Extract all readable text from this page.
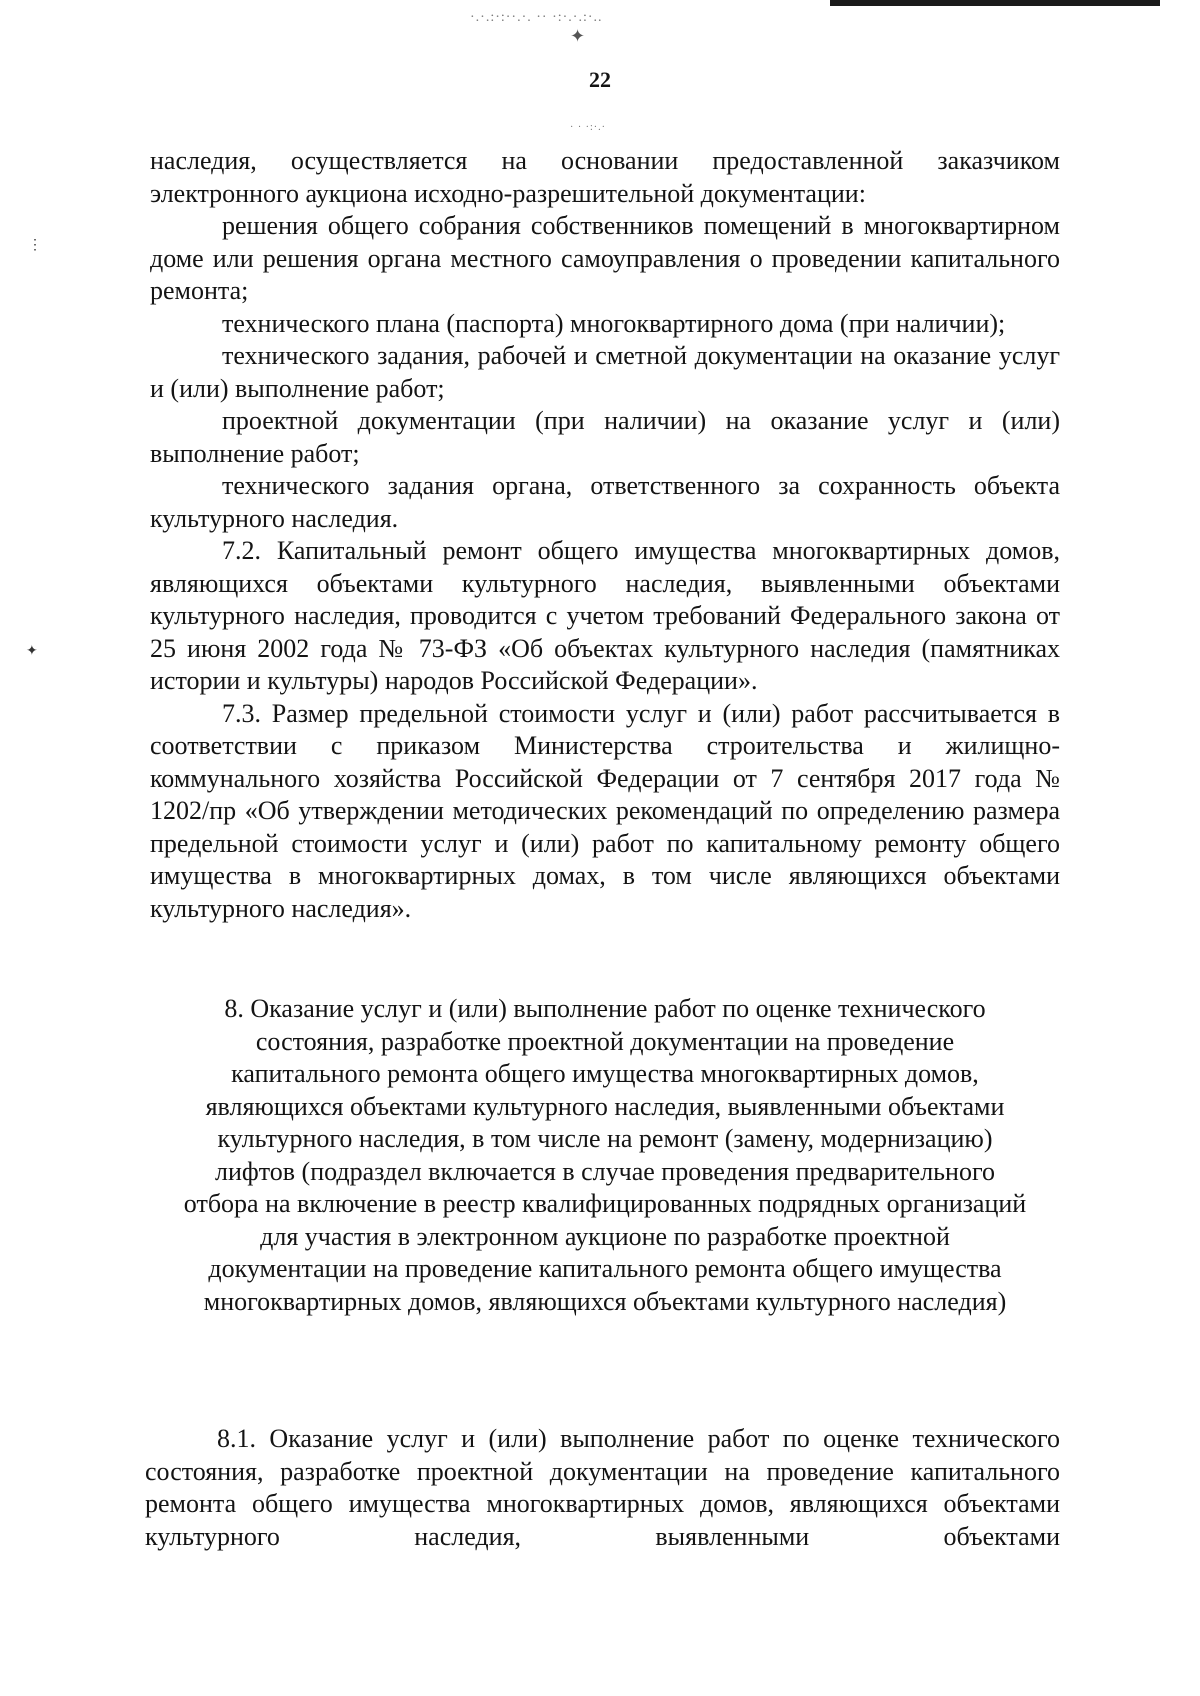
·.·.:·:··.·. ·· ·:·.·.:·..
✦
· · ·:·.·
22

наследия, осуществляется на основании предоставленной заказчиком электронного аукциона исходно-разрешительной документации:

решения общего собрания собственников помещений в многоквартирном доме или решения органа местного самоуправления о проведении капитального ремонта;

технического плана (паспорта) многоквартирного дома (при наличии);

технического задания, рабочей и сметной документации на оказание услуг и (или) выполнение работ;

проектной документации (при наличии) на оказание услуг и (или) выполнение работ;

технического задания органа, ответственного за сохранность объекта культурного наследия.

7.2. Капитальный ремонт общего имущества многоквартирных домов, являющихся объектами культурного наследия, выявленными объектами культурного наследия, проводится с учетом требований Федерального закона от 25 июня 2002 года № 73-ФЗ «Об объектах культурного наследия (памятниках истории и культуры) народов Российской Федерации».

7.3. Размер предельной стоимости услуг и (или) работ рассчитывается в соответствии с приказом Министерства строительства и жилищно-коммунального хозяйства Российской Федерации от 7 сентября 2017 года № 1202/пр «Об утверждении методических рекомендаций по определению размера предельной стоимости услуг и (или) работ по капитальному ремонту общего имущества в многоквартирных домах, в том числе являющихся объектами культурного наследия».

⋮
✦

8. Оказание услуг и (или) выполнение работ по оценке технического состояния, разработке проектной документации на проведение капитального ремонта общего имущества многоквартирных домов, являющихся объектами культурного наследия, выявленными объектами культурного наследия, в том числе на ремонт (замену, модернизацию) лифтов (подраздел включается в случае проведения предварительного отбора на включение в реестр квалифицированных подрядных организаций для участия в электронном аукционе по разработке проектной документации на проведение капитального ремонта общего имущества многоквартирных домов, являющихся объектами культурного наследия)

8.1. Оказание услуг и (или) выполнение работ по оценке технического состояния, разработке проектной документации на проведение капитального ремонта общего имущества многоквартирных домов, являющихся объектами культурного наследия, выявленными объектами
